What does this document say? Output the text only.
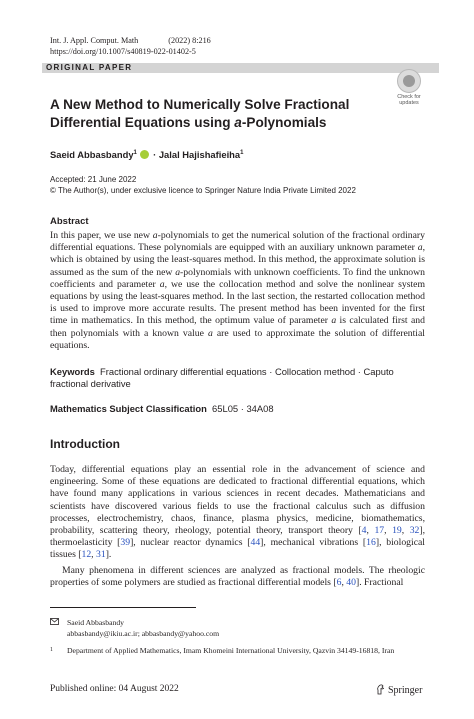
Int. J. Appl. Comput. Math	(2022) 8:216
https://doi.org/10.1007/s40819-022-01402-5
ORIGINAL PAPER
Check for updates
A New Method to Numerically Solve Fractional Differential Equations using a-Polynomials
Saeid Abbasbandy$^1$  · Jalal Hajishafieiha$^1$
Accepted: 21 June 2022
© The Author(s), under exclusive licence to Springer Nature India Private Limited 2022
Abstract
In this paper, we use new a-polynomials to get the numerical solution of the fractional ordinary differential equations. These polynomials are equipped with an auxiliary unknown parameter a, which is obtained by using the least-squares method. In this method, the approximate solution is assumed as the sum of the new a-polynomials with unknown coefficients. To find the unknown coefficients and parameter a, we use the collocation method and solve the nonlinear system equations by using the least-squares method. In the last section, the restarted collocation method is used to improve more accurate results. The present method has been invented for the first time in mathematics. In this method, the optimum value of parameter a is calculated first and then polynomials with a known value a are used to approximate the solution of differential equations.
Keywords Fractional ordinary differential equations · Collocation method · Caputo fractional derivative
Mathematics Subject Classification 65L05 · 34A08
Introduction
Today, differential equations play an essential role in the advancement of science and engineering. Some of these equations are dedicated to fractional differential equations, which have found many applications in various sciences in recent decades. Mathematicians and scientists have discovered various fields to use the fractional calculus such as diffusion processes, electrochemistry, chaos, finance, plasma physics, medicine, biomathematics, probability, scattering theory, rheology, potential theory, transport theory [4, 17, 19, 32], thermoelasticity [39], nuclear reactor dynamics [44], mechanical vibrations [16], biological tissues [12, 31].
Many phenomena in different sciences are analyzed as fractional models. The rheologic properties of some polymers are studied as fractional differential models [6, 40]. Fractional
Saeid Abbasbandy
abbasbandy@ikiu.ac.ir; abbasbandy@yahoo.com
1 Department of Applied Mathematics, Imam Khomeini International University, Qazvin 34149-16818, Iran
Published online: 04 August 2022	Springer
